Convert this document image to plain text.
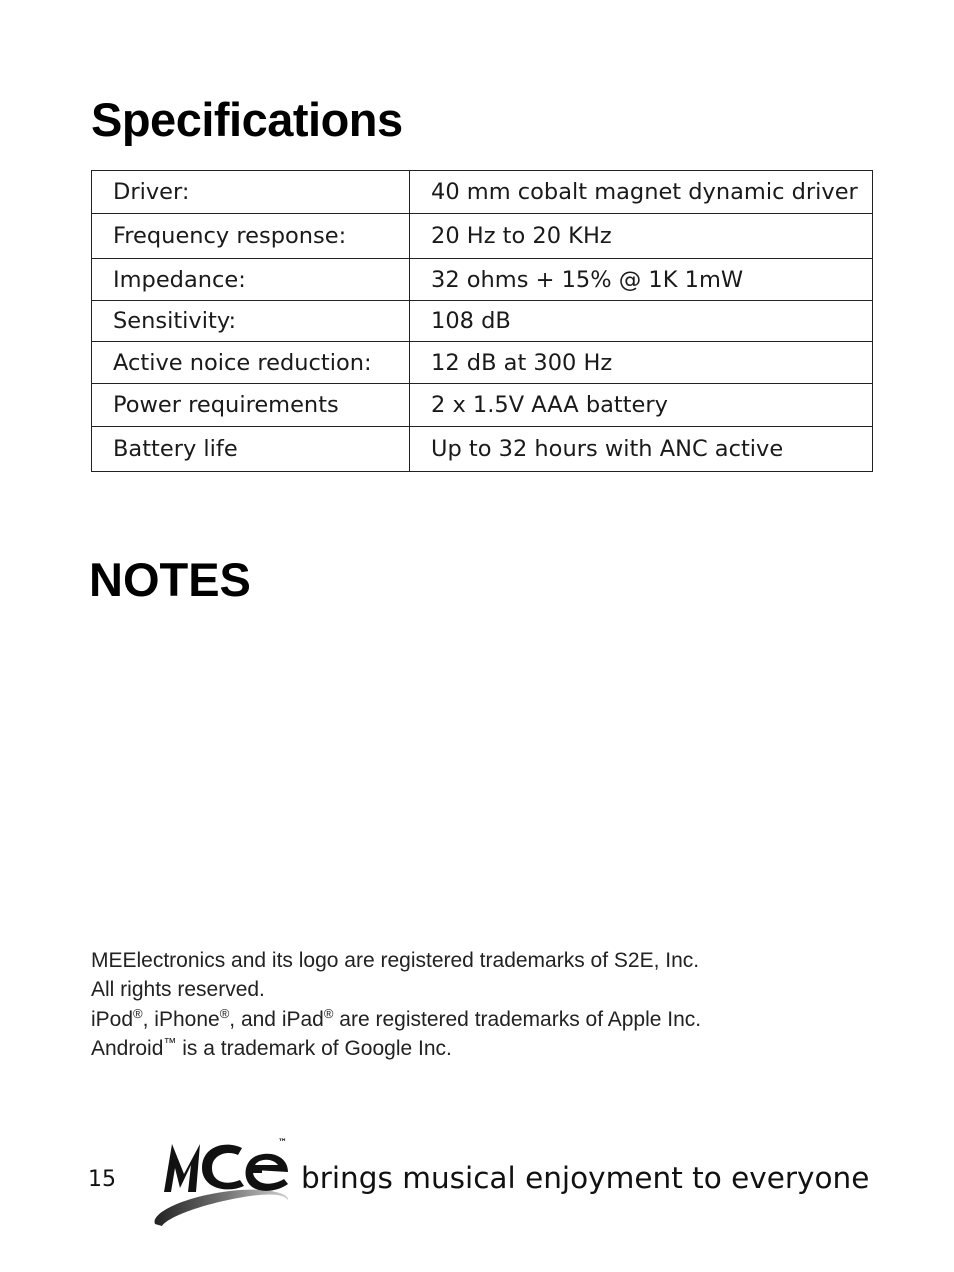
Specifications
Driver:	40 mm cobalt magnet dynamic driver
Frequency response:	20 Hz to 20 KHz
Impedance:	32 ohms + 15% @ 1K 1mW
Sensitivity:	108 dB
Active noice reduction:	12 dB at 300 Hz
Power requirements	2 x 1.5V AAA battery
Battery life	Up to 32 hours with ANC active
NOTES
MEElectronics and its logo are registered trademarks of S2E, Inc.
All rights reserved.
iPod®, iPhone®, and iPad® are registered trademarks of Apple Inc.
Android™ is a trademark of Google Inc.
15
™
brings musical enjoyment to everyone
